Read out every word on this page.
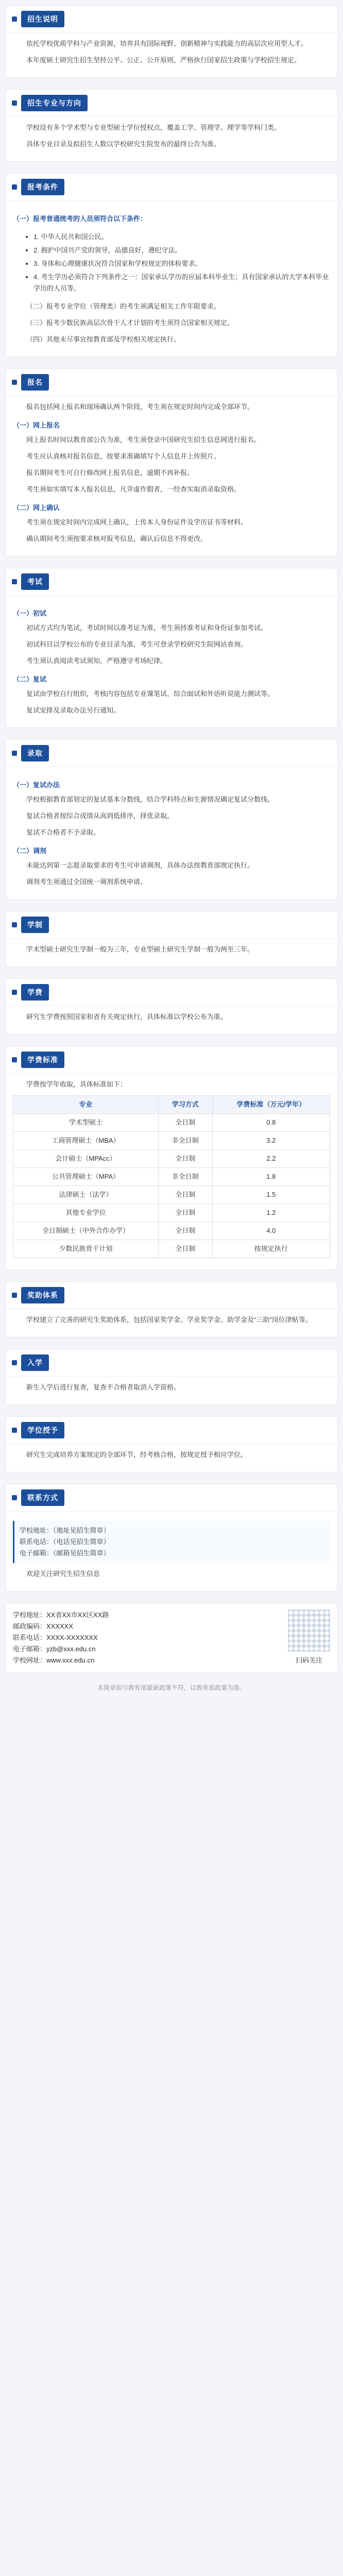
招生说明

依托学校优质学科与产业资源，培养具有国际视野、创新精神与实践能力的高层次应用型人才。

本年度硕士研究生招生坚持公平、公正、公开原则，严格执行国家招生政策与学校招生规定。

招生专业与方向

学校设有多个学术型与专业型硕士学位授权点，覆盖工学、管理学、理学等学科门类。

具体专业目录及拟招生人数以学校研究生院发布的最终公告为准。

报考条件
（一）报考普通统考的人员须符合以下条件：
• 1. 中华人民共和国公民。
• 2. 拥护中国共产党的领导，品德良好，遵纪守法。
• 3. 身体和心理健康状况符合国家和学校规定的体检要求。
• 4. 考生学历必须符合下列条件之一：国家承认学历的应届本科毕业生；具有国家承认的大学本科毕业学历的人员等。

（二）报考专业学位（管理类）的考生须满足相关工作年限要求。

（三）报考少数民族高层次骨干人才计划的考生须符合国家相关规定。

（四）其他未尽事宜按教育部及学校相关规定执行。

报名

报名包括网上报名和现场确认两个阶段，考生须在规定时间内完成全部环节。

（一）网上报名

网上报名时间以教育部公告为准，考生须登录中国研究生招生信息网进行报名。

考生应认真核对报名信息，按要求准确填写个人信息并上传照片。

报名期间考生可自行修改网上报名信息，逾期不再补报。

考生须如实填写本人报名信息，凡弄虚作假者，一经查实取消录取资格。

（二）网上确认

考生须在规定时间内完成网上确认，上传本人身份证件及学历证书等材料。

确认期间考生须按要求核对报考信息，确认后信息不得更改。

考试
（一）初试

初试方式均为笔试，考试时间以准考证为准，考生须持准考证和身份证参加考试。

初试科目以学校公布的专业目录为准，考生可登录学校研究生院网站查询。

考生须认真阅读考试须知，严格遵守考场纪律。

（二）复试

复试由学校自行组织，考核内容包括专业课笔试、综合面试和外语听说能力测试等。

复试安排及录取办法另行通知。

录取
（一）复试办法

学校根据教育部划定的复试基本分数线，结合学科特点和生源情况确定复试分数线。

复试合格者按综合成绩从高到低排序，择优录取。

复试不合格者不予录取。

（二）调剂

未能达到第一志愿录取要求的考生可申请调剂，具体办法按教育部规定执行。

调剂考生须通过全国统一调剂系统申请。

学制

学术型硕士研究生学制一般为三年，专业型硕士研究生学制一般为两至三年。

学费

研究生学费按照国家和省有关规定执行，具体标准以学校公布为准。

学费标准

学费按学年收取，具体标准如下：

专业	学习方式	学费标准（万元/学年）
学术型硕士	全日制	0.8
工商管理硕士（MBA）	非全日制	3.2
会计硕士（MPAcc）	全日制	2.2
公共管理硕士（MPA）	非全日制	1.8
法律硕士（法学）	全日制	1.5
其他专业学位	全日制	1.2
全日制硕士（中外合作办学）	全日制	4.0
少数民族骨干计划	全日制	按规定执行
奖助体系

学校建立了完善的研究生奖助体系，包括国家奖学金、学业奖学金、助学金及“三助”岗位津贴等。

入学

新生入学后进行复查，复查不合格者取消入学资格。

学位授予

研究生完成培养方案规定的全部环节，经考核合格，按规定授予相应学位。

联系方式
学校地址：（地址见招生简章）
联系电话：（电话见招生简章）
电子邮箱：（邮箱见招生简章）

欢迎关注研究生招生信息

学校地址：XX省XX市XX区XX路
邮政编码：XXXXXX
联系电话：XXXX-XXXXXXX
电子邮箱：yzb@xxx.edu.cn
学校网址：www.xxx.edu.cn	扫码关注
本简章如与教育部最新政策不符，以教育部政策为准。
